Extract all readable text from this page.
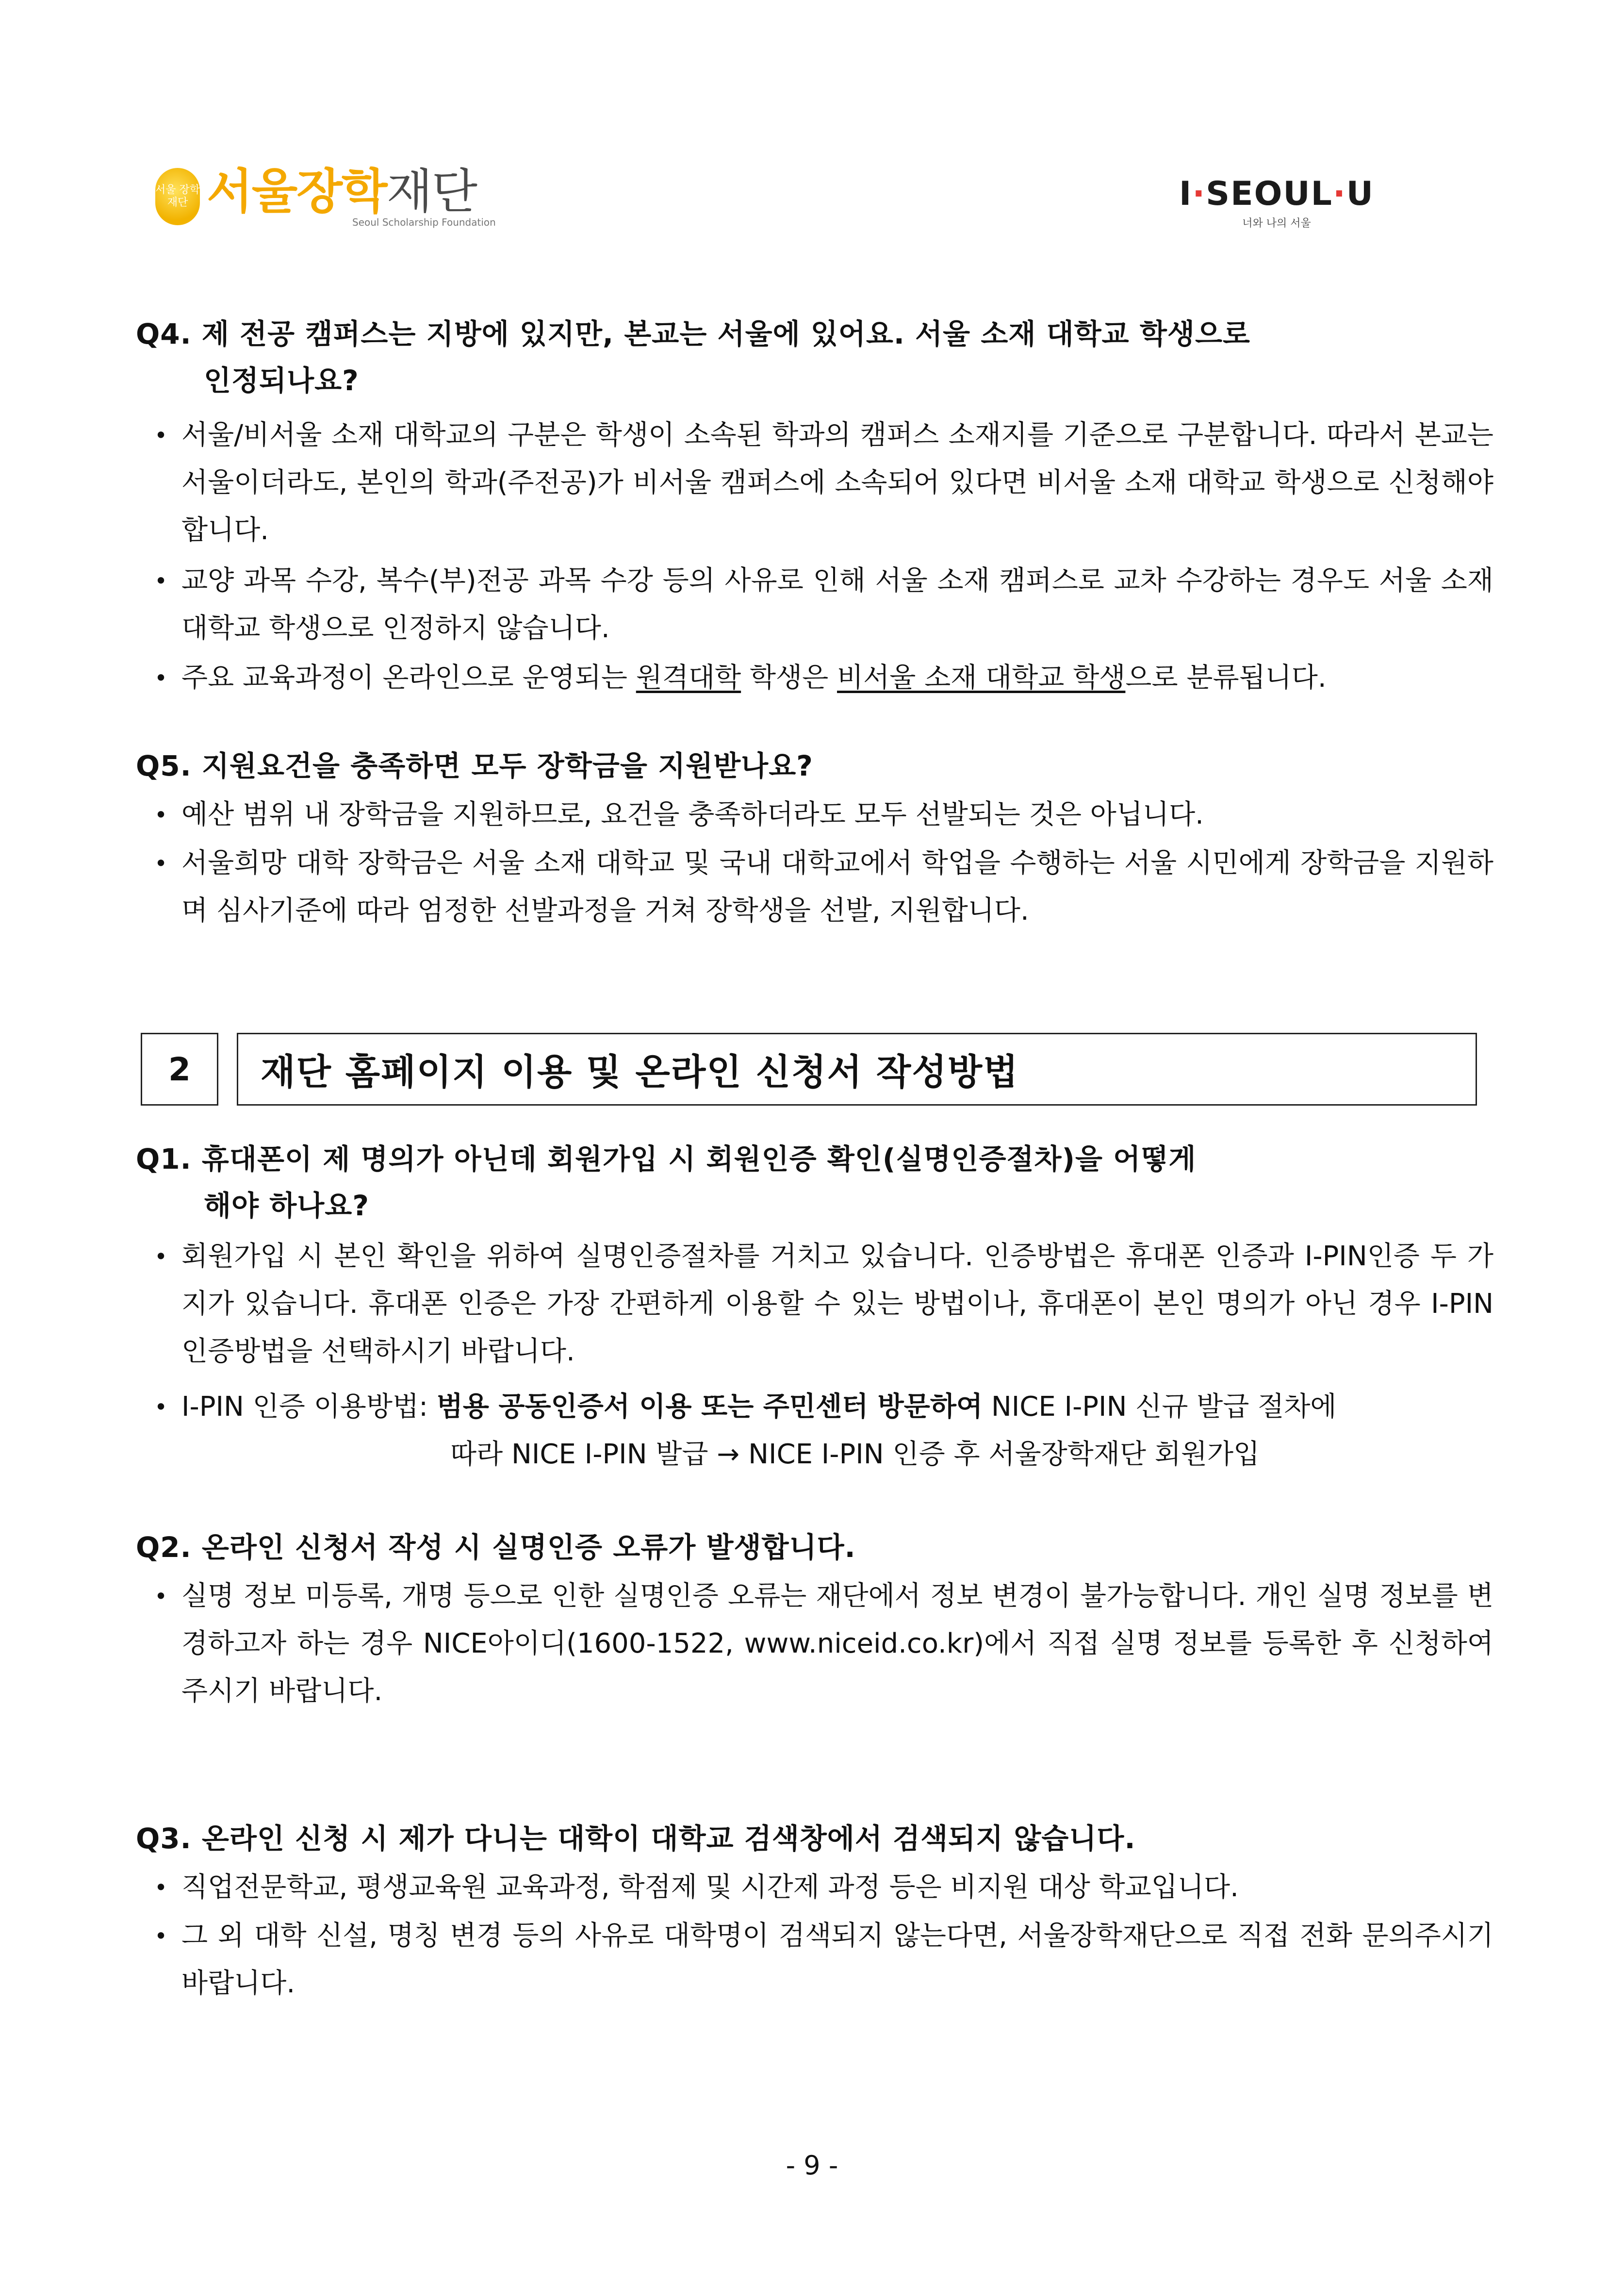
서울 장학 재단 서울장학재단
Seoul Scholarship Foundation
I·SEOUL·U
너와 나의 서울
Q4. 제 전공 캠퍼스는 지방에 있지만, 본교는 서울에 있어요. 서울 소재 대학교 학생으로
인정되나요?
• 서울/비서울 소재 대학교의 구분은 학생이 소속된 학과의 캠퍼스 소재지를 기준으로 구분합니다. 따라서 본교는 서울이더라도, 본인의 학과(주전공)가 비서울 캠퍼스에 소속되어 있다면 비서울 소재 대학교 학생으로 신청해야 합니다.
• 교양 과목 수강, 복수(부)전공 과목 수강 등의 사유로 인해 서울 소재 캠퍼스로 교차 수강하는 경우도 서울 소재 대학교 학생으로 인정하지 않습니다.
• 주요 교육과정이 온라인으로 운영되는 원격대학 학생은 비서울 소재 대학교 학생으로 분류됩니다.
Q5. 지원요건을 충족하면 모두 장학금을 지원받나요?
• 예산 범위 내 장학금을 지원하므로, 요건을 충족하더라도 모두 선발되는 것은 아닙니다.
• 서울희망 대학 장학금은 서울 소재 대학교 및 국내 대학교에서 학업을 수행하는 서울 시민에게 장학금을 지원하며 심사기준에 따라 엄정한 선발과정을 거쳐 장학생을 선발, 지원합니다.
2	재단 홈페이지 이용 및 온라인 신청서 작성방법
Q1. 휴대폰이 제 명의가 아닌데 회원가입 시 회원인증 확인(실명인증절차)을 어떻게
해야 하나요?
• 회원가입 시 본인 확인을 위하여 실명인증절차를 거치고 있습니다. 인증방법은 휴대폰 인증과 I-PIN인증 두 가지가 있습니다. 휴대폰 인증은 가장 간편하게 이용할 수 있는 방법이나, 휴대폰이 본인 명의가 아닌 경우 I-PIN 인증방법을 선택하시기 바랍니다.
• I-PIN 인증 이용방법: 범용 공동인증서 이용 또는 주민센터 방문하여 NICE I-PIN 신규 발급 절차에
따라 NICE I-PIN 발급 → NICE I-PIN 인증 후 서울장학재단 회원가입
Q2. 온라인 신청서 작성 시 실명인증 오류가 발생합니다.
• 실명 정보 미등록, 개명 등으로 인한 실명인증 오류는 재단에서 정보 변경이 불가능합니다. 개인 실명 정보를 변경하고자 하는 경우 NICE아이디(1600-1522, www.niceid.co.kr)에서 직접 실명 정보를 등록한 후 신청하여 주시기 바랍니다.
Q3. 온라인 신청 시 제가 다니는 대학이 대학교 검색창에서 검색되지 않습니다.
• 직업전문학교, 평생교육원 교육과정, 학점제 및 시간제 과정 등은 비지원 대상 학교입니다.
• 그 외 대학 신설, 명칭 변경 등의 사유로 대학명이 검색되지 않는다면, 서울장학재단으로 직접 전화 문의주시기 바랍니다.
- 9 -
